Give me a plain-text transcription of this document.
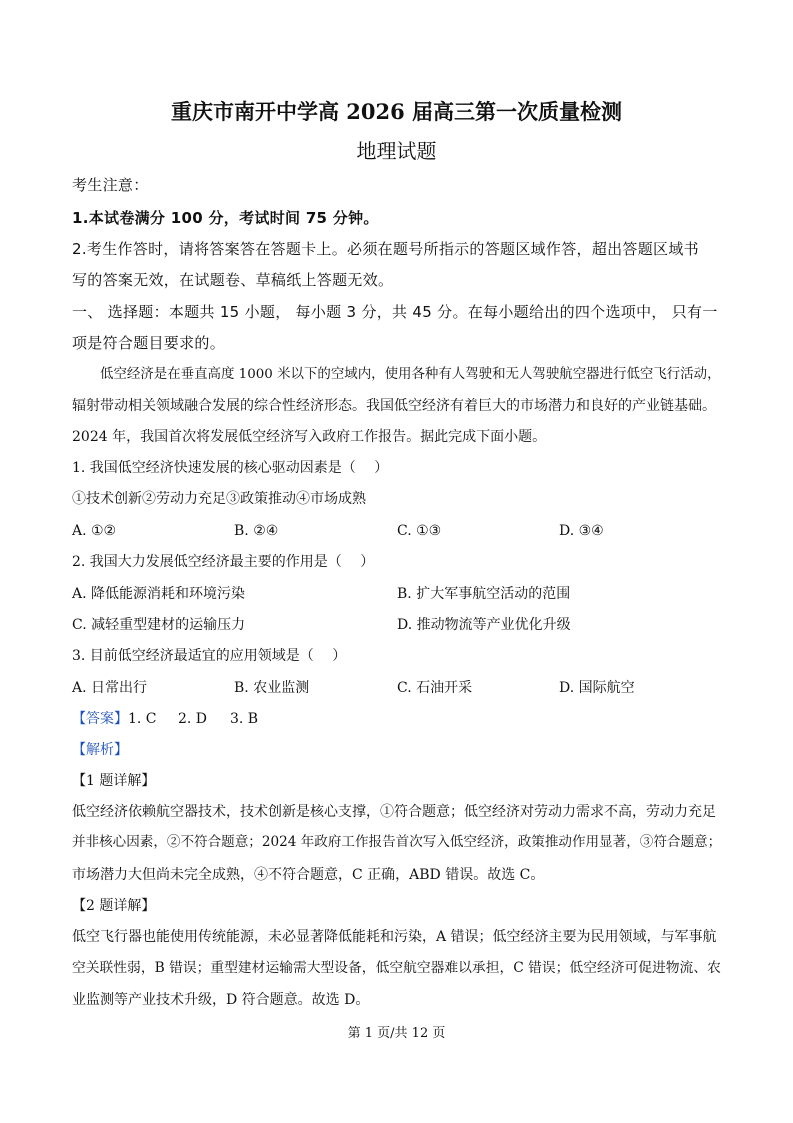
重庆市南开中学高 2026 届高三第一次质量检测
地理试题
考生注意：
1.本试卷满分 100 分，考试时间 75 分钟。
2.考生作答时，请将答案答在答题卡上。必须在题号所指示的答题区域作答，超出答题区域书
写的答案无效，在试题卷、草稿纸上答题无效。
一、 选择题：本题共 15 小题， 每小题 3 分，共 45 分。在每小题给出的四个选项中， 只有一
项是符合题目要求的。
低空经济是在垂直高度 1000 米以下的空域内，使用各种有人驾驶和无人驾驶航空器进行低空飞行活动，
辐射带动相关领域融合发展的综合性经济形态。我国低空经济有着巨大的市场潜力和良好的产业链基础。
2024 年，我国首次将发展低空经济写入政府工作报告。据此完成下面小题。
1. 我国低空经济快速发展的核心驱动因素是（　 ）
①技术创新②劳动力充足③政策推动④市场成熟
A. ①②	B. ②④	C. ①③	D. ③④
2. 我国大力发展低空经济最主要的作用是（　 ）
A. 降低能源消耗和环境污染	B. 扩大军事航空活动的范围
C. 减轻重型建材的运输压力	D. 推动物流等产业优化升级
3. 目前低空经济最适宜的应用领域是（　 ）
A. 日常出行	B. 农业监测	C. 石油开采	D. 国际航空
【答案】 1. C 2. D 3. B
【解析】
【1 题详解】
低空经济依赖航空器技术，技术创新是核心支撑，①符合题意；低空经济对劳动力需求不高，劳动力充足
并非核心因素，②不符合题意；2024 年政府工作报告首次写入低空经济，政策推动作用显著，③符合题意；
市场潜力大但尚未完全成熟，④不符合题意，C 正确，ABD 错误。故选 C。
【2 题详解】
低空飞行器也能使用传统能源，未必显著降低能耗和污染，A 错误；低空经济主要为民用领域，与军事航
空关联性弱，B 错误；重型建材运输需大型设备，低空航空器难以承担，C 错误；低空经济可促进物流、农
业监测等产业技术升级，D 符合题意。故选 D。
第 1 页/共 12 页
